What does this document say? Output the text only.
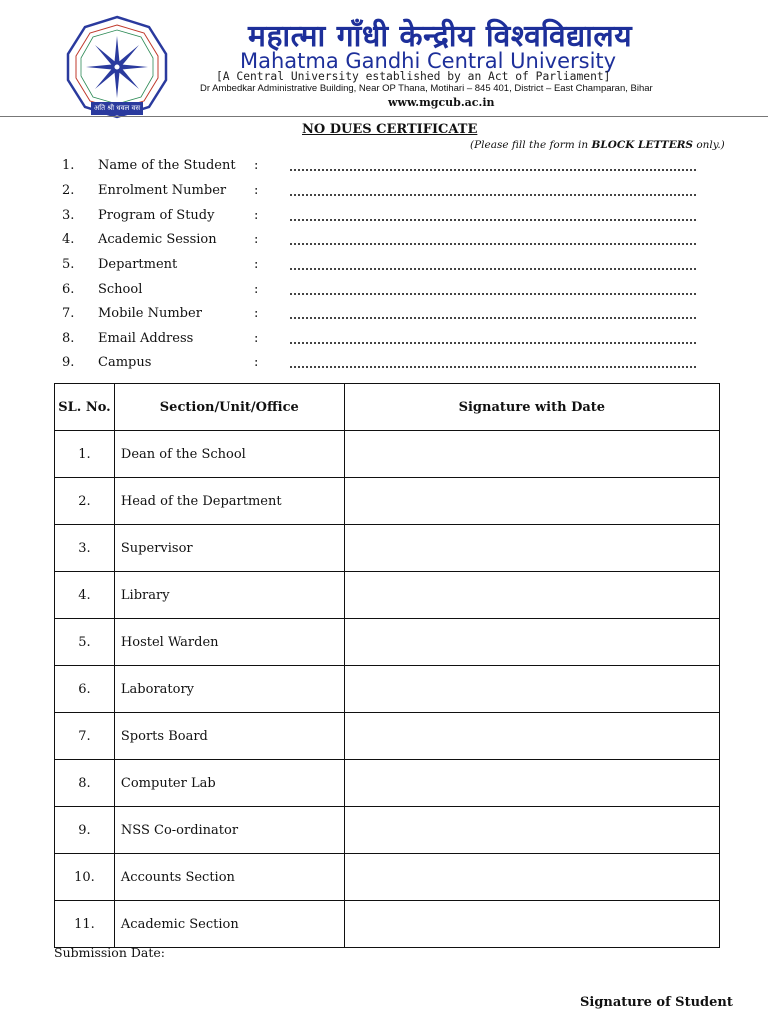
अति श्री धवल वस
महात्मा गाँधी केन्द्रीय विश्वविद्यालय
Mahatma Gandhi Central University
[A Central University established by an Act of Parliament]
Dr Ambedkar Administrative Building, Near OP Thana, Motihari – 845 401, District – East Champaran, Bihar
www.mgcub.ac.in
NO DUES CERTIFICATE
(Please fill the form in BLOCK LETTERS only.)
1. Name of the Student :
2. Enrolment Number :
3. Program of Study	:
4. Academic Session	:
5. Department	:
6. School	:
7. Mobile Number	:
8. Email Address	:
9. Campus	:
SL. No.	Section/Unit/Office	Signature with Date
1.	Dean of the School	
2.	Head of the Department	
3.	Supervisor	
4.	Library	
5.	Hostel Warden	
6.	Laboratory	
7.	Sports Board	
8.	Computer Lab	
9.	NSS Co-ordinator	
10.	Accounts Section	
11.	Academic Section	
Submission Date:
Signature of Student
